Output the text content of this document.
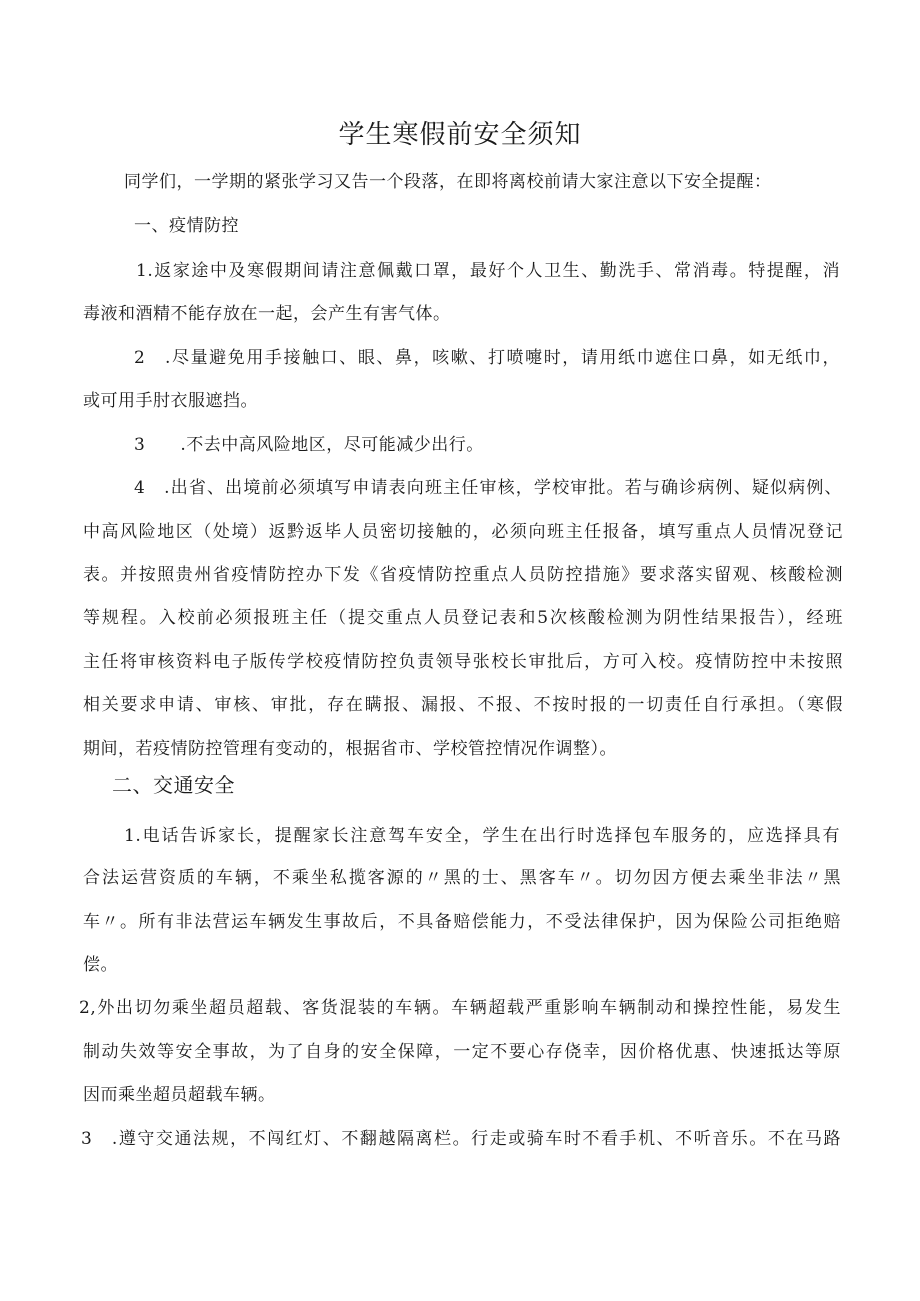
学生寒假前安全须知
同学们，一学期的紧张学习又告一个段落，在即将离校前请大家注意以下安全提醒：
一、疫情防控
1.返家途中及寒假期间请注意佩戴口罩，最好个人卫生、勤洗手、常消毒。特提醒，消
毒液和酒精不能存放在一起，会产生有害气体。
2　.尽量避免用手接触口、眼、鼻，咳嗽、打喷嚏时，请用纸巾遮住口鼻，如无纸巾，
或可用手肘衣服遮挡。
3　　.不去中高风险地区，尽可能减少出行。
4　.出省、出境前必须填写申请表向班主任审核，学校审批。若与确诊病例、疑似病例、
中高风险地区（处境）返黔返毕人员密切接触的，必须向班主任报备，填写重点人员情况登记
表。并按照贵州省疫情防控办下发《省疫情防控重点人员防控措施》要求落实留观、核酸检测
等规程。入校前必须报班主任（提交重点人员登记表和5次核酸检测为阴性结果报告），经班
主任将审核资料电子版传学校疫情防控负责领导张校长审批后，方可入校。疫情防控中未按照
相关要求申请、审核、审批，存在瞒报、漏报、不报、不按时报的一切责任自行承担。（寒假
期间，若疫情防控管理有变动的，根据省市、学校管控情况作调整）。
二、交通安全
1.电话告诉家长，提醒家长注意驾车安全，学生在出行时选择包车服务的，应选择具有
合法运营资质的车辆，不乘坐私揽客源的〃黑的士、黑客车〃。切勿因方便去乘坐非法〃黑
车〃。所有非法营运车辆发生事故后，不具备赔偿能力，不受法律保护，因为保险公司拒绝赔
偿。
2,外出切勿乘坐超员超载、客货混装的车辆。车辆超载严重影响车辆制动和操控性能，易发生
制动失效等安全事故，为了自身的安全保障，一定不要心存侥幸，因价格优惠、快速抵达等原
因而乘坐超员超载车辆。
3　.遵守交通法规，不闯红灯、不翻越隔离栏。行走或骑车时不看手机、不听音乐。不在马路
